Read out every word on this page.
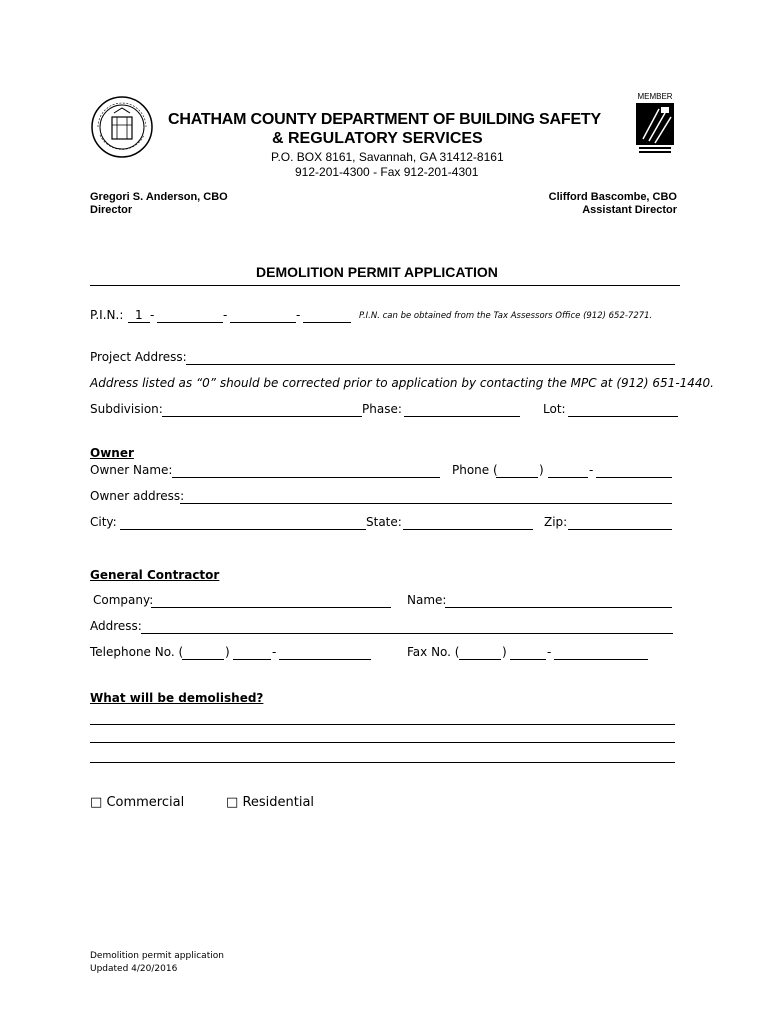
MEMBER
CHATHAM COUNTY DEPARTMENT OF BUILDING SAFETY
& REGULATORY SERVICES
P.O. BOX 8161, Savannah, GA 31412-8161
912-201-4300 - Fax 912-201-4301
Gregori S. Anderson, CBO
Director
Clifford Bascombe, CBO
Assistant Director
DEMOLITION PERMIT APPLICATION
P.I.N.: 1 -	-	-	P.I.N. can be obtained from the Tax Assessors Office (912) 652-7271.
Project Address:
Address listed as “0” should be corrected prior to application by contacting the MPC at (912) 651-1440.
Subdivision:	Phase:	Lot:
Owner
Owner Name:	Phone (	)	-
Owner address:
City:	State:	Zip:
General Contractor
Company:	Name:
Address:
Telephone No. (	)	-	Fax No. (	)	-
What will be demolished?
□ Commercial	□ Residential
Demolition permit application
Updated 4/20/2016
